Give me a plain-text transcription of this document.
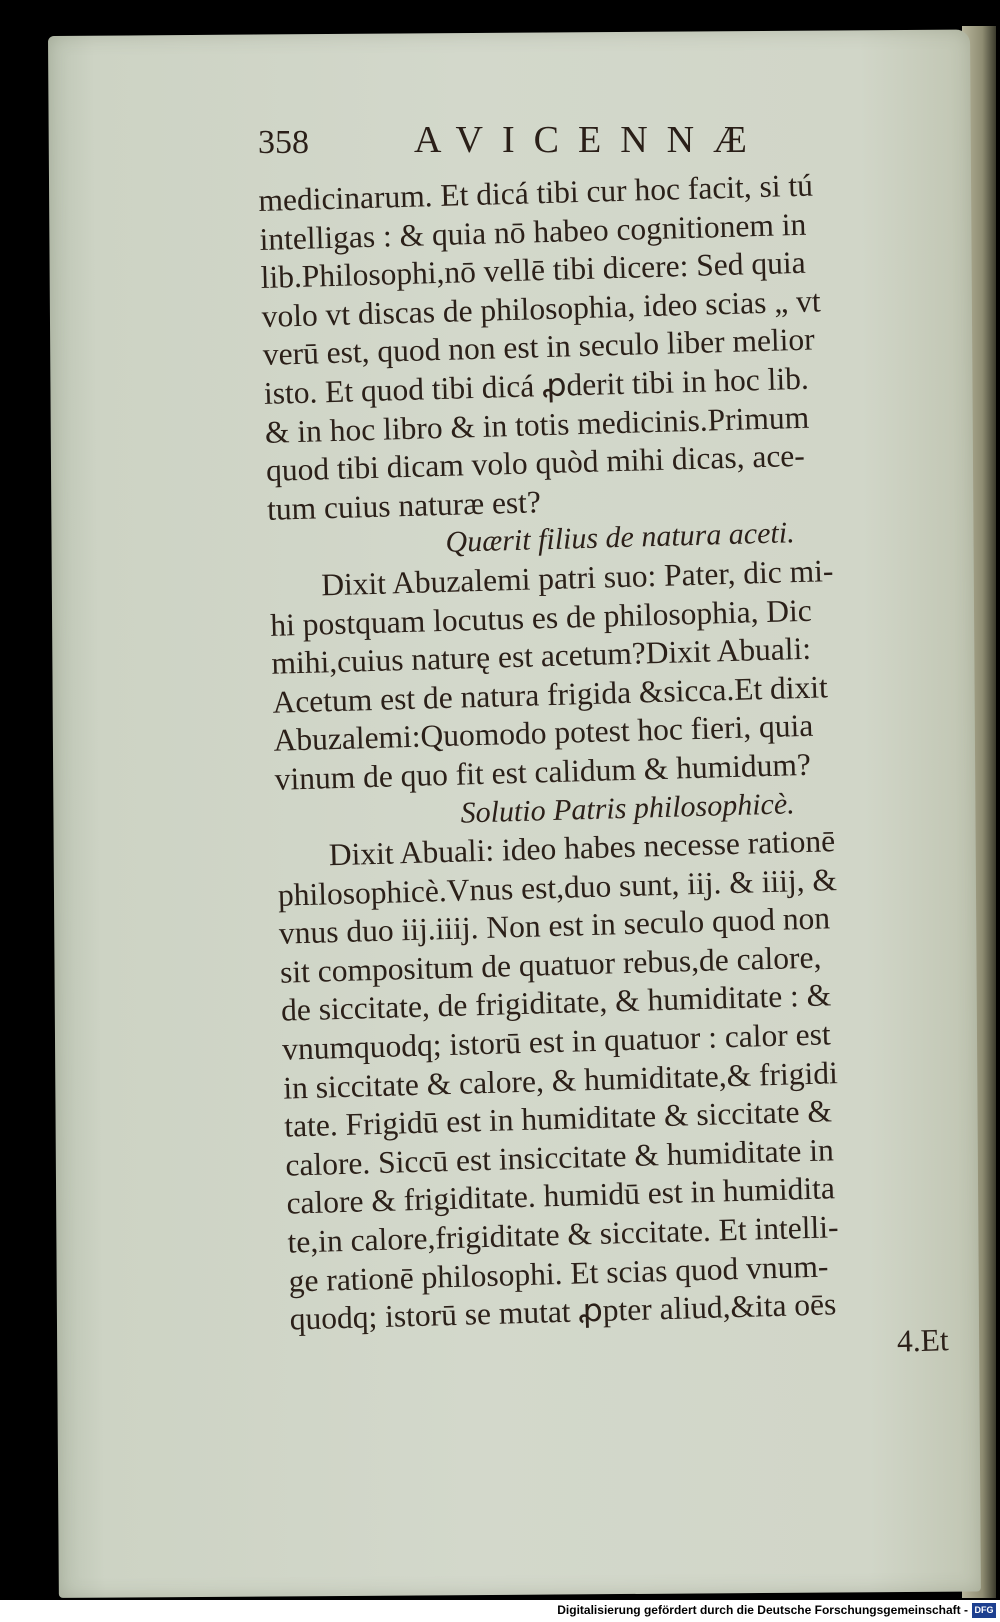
358	AVICENNÆ
medicinarum. Et dicá tibi cur hoc facit, si tú
intelligas : & quia nō habeo cognitionem in
lib.Philosophi,nō vellē tibi dicere: Sed quia
volo vt discas de philosophia, ideo scias „ vt
verū est, quod non est in seculo liber melior
isto. Et quod tibi dicá ꝓderit tibi in hoc lib.
& in hoc libro & in totis medicinis.Primum
quod tibi dicam volo quòd mihi dicas, ace-
tum cuius naturæ est?
Quærit filius de natura aceti.
Dixit Abuzalemi patri suo: Pater, dic mi-
hi postquam locutus es de philosophia, Dic
mihi,cuius naturę est acetum?Dixit Abuali:
Acetum est de natura frigida &sicca.Et dixit
Abuzalemi:Quomodo potest hoc fieri, quia
vinum de quo fit est calidum & humidum?
Solutio Patris philosophicè.
Dixit Abuali: ideo habes necesse rationē
philosophicè.Vnus est,duo sunt, iij. & iiij, &
vnus duo iij.iiij. Non est in seculo quod non
sit compositum de quatuor rebus,de calore,
de siccitate, de frigiditate, & humiditate : &
vnumquodq; istorū est in quatuor : calor est
in siccitate & calore, & humiditate,& frigidi
tate. Frigidū est in humiditate & siccitate &
calore. Siccū est insiccitate & humiditate in
calore & frigiditate. humidū est in humidita
te,in calore,frigiditate & siccitate. Et intelli-
ge rationē philosophi. Et scias quod vnum-
quodq; istorū se mutat ꝓpter aliud,&ita oēs
4.Et
Digitalisierung gefördert durch die Deutsche Forschungsgemeinschaft - DFG
